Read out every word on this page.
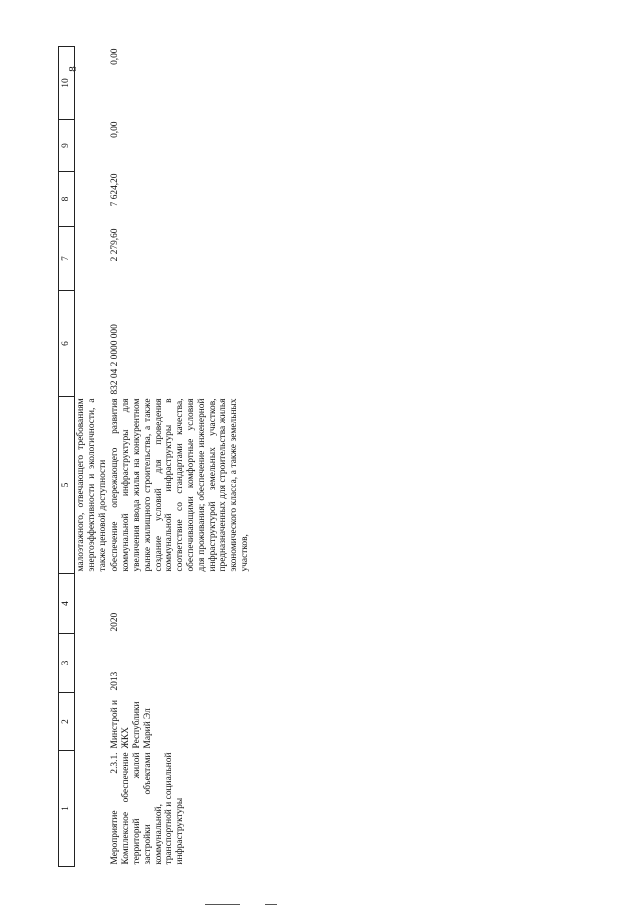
8
1	2	3	4	5	6	7	8	9	10
				малоэтажного, отвечающего требованиям энергоэффективности и экологичности, а также ценовой доступности					
Мероприятие 2.3.1. Комплексное обеспечение территорий жилой застройки объектами коммунальной, транспортной и социальной инфраструктуры	Минстрой и ЖКХ Республики Марий Эл	2013	2020	обеспечение опережающего развития коммунальной инфраструктуры для увеличения ввода жилья на конкурентном рынке жилищного строительства, а также создание условий для проведения коммунальной инфраструктуры в соответствие со стандартами качества, обеспечивающими комфортные условия для проживания; обеспечение инженерной инфраструктурой земельных участков, предназначенных для строительства жилья экономического класса, а также земельных участков,	832 04 2 0000 000	2 279,60	7 624,20	0,00	0,00
